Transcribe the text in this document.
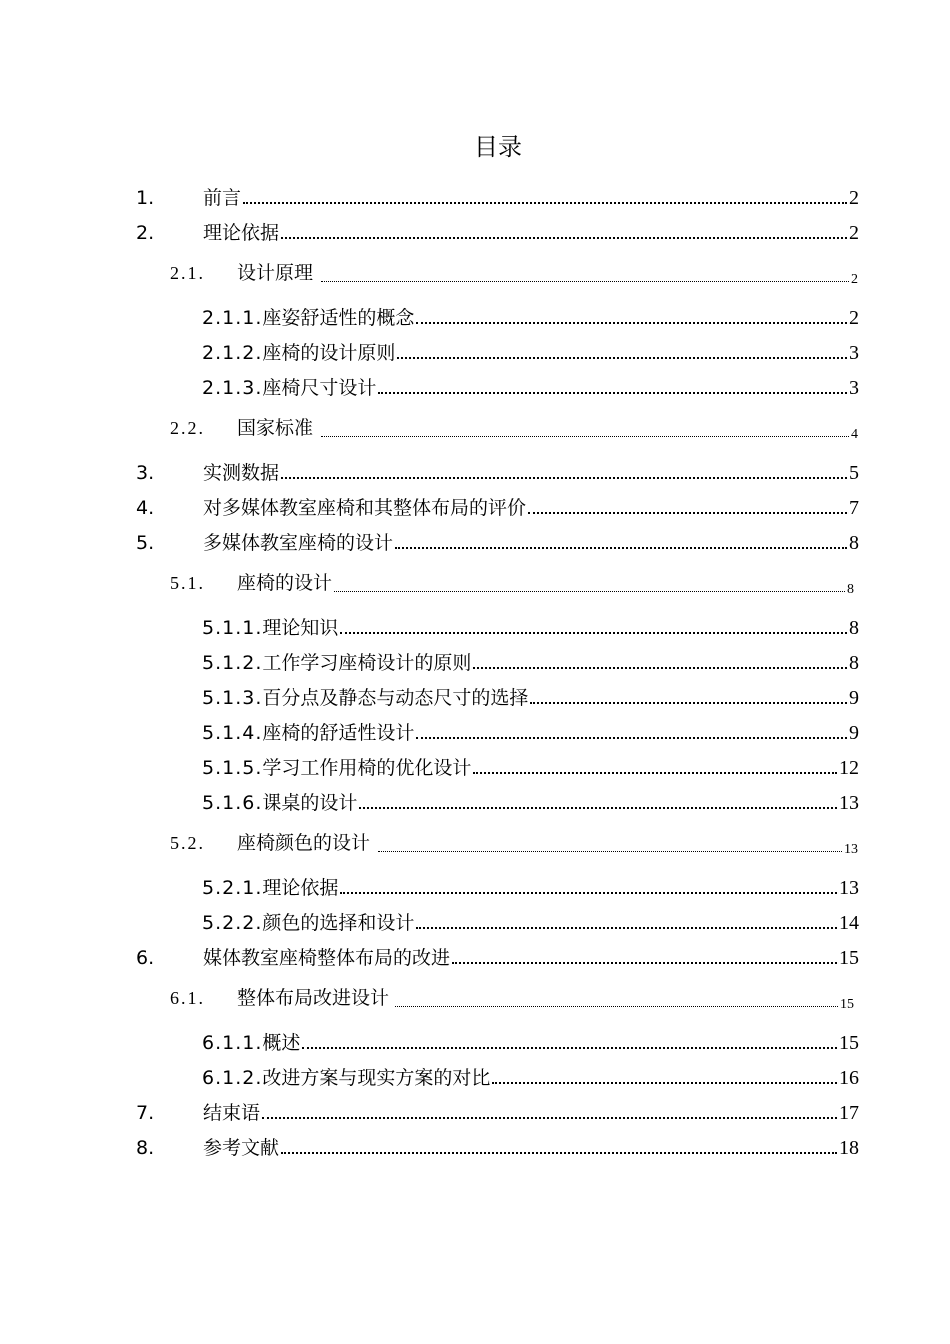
目录
1.	前言	2
2.	理论依据	2
2.1.	设计原理	2
2.1.1. 座姿舒适性的概念	2
2.1.2. 座椅的设计原则	3
2.1.3. 座椅尺寸设计	3
2.2.	国家标准	4
3.	实测数据	5
4.	对多媒体教室座椅和其整体布局的评价	7
5.	多媒体教室座椅的设计	8
5.1.	座椅的设计	8
5.1.1. 理论知识	8
5.1.2. 工作学习座椅设计的原则	8
5.1.3. 百分点及静态与动态尺寸的选择	9
5.1.4. 座椅的舒适性设计	9
5.1.5. 学习工作用椅的优化设计	12
5.1.6. 课桌的设计	13
5.2.	座椅颜色的设计	13
5.2.1. 理论依据	13
5.2.2. 颜色的选择和设计	14
6.	媒体教室座椅整体布局的改进	15
6.1.	整体布局改进设计	15
6.1.1. 概述	15
6.1.2. 改进方案与现实方案的对比	16
7.	结束语	17
8.	参考文献	18
